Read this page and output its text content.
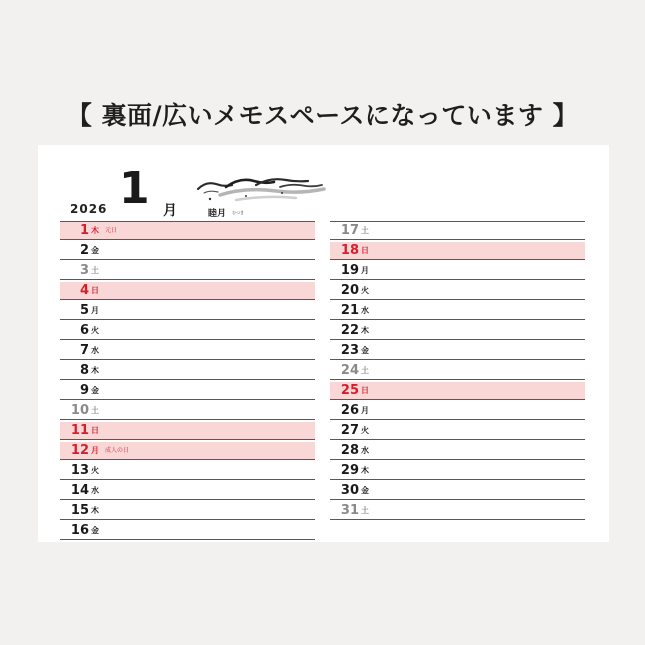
【 裏面/広いメモスペースになっています 】
2026 1 月	睦月 むつき
1 木 元日
2 金
3 土
4 日
5 月
6 火
7 水
8 木
9 金
10 土
11 日
12 月 成人の日
13 火
14 水
15 木
16 金
17 土
18 日
19 月
20 火
21 水
22 木
23 金
24 土
25 日
26 月
27 火
28 水
29 木
30 金
31 土
